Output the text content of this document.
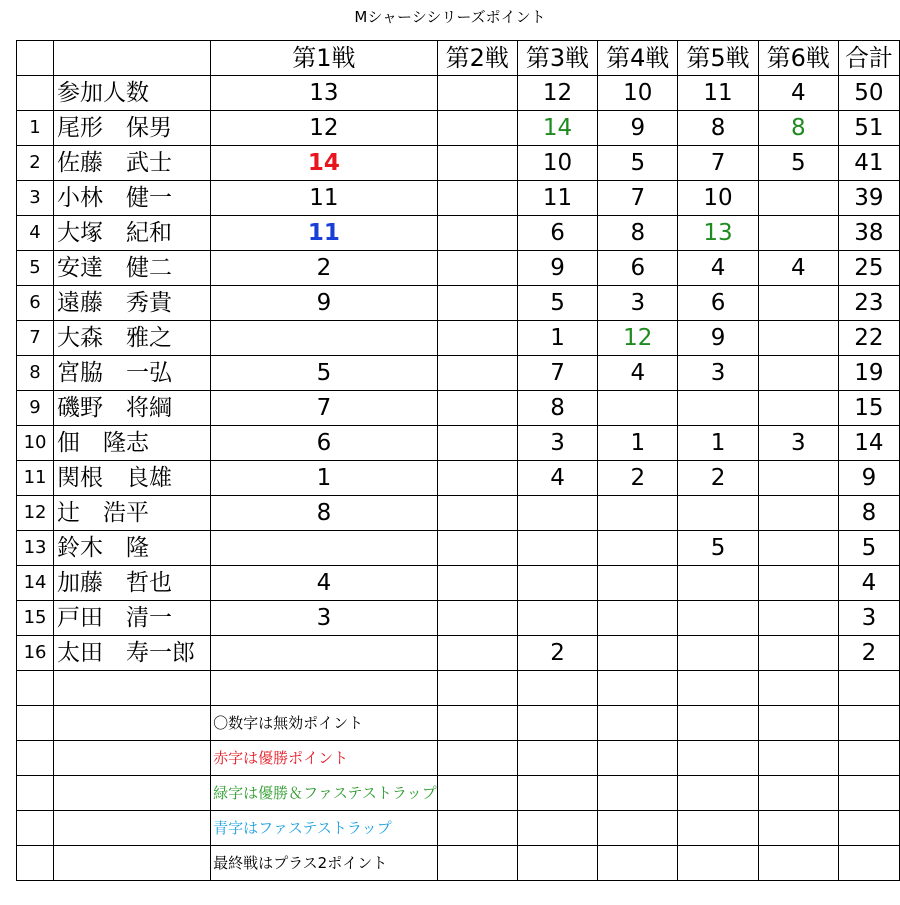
Mシャーシシリーズポイント
		第1戦	第2戦	第3戦	第4戦	第5戦	第6戦	合計
	参加人数	13		12	10	11	4	50
1	尾形　保男	12		14	9	8	8	51
2	佐藤　武士	14		10	5	7	5	41
3	小林　健一	11		11	7	10		39
4	大塚　紀和	11		6	8	13		38
5	安達　健二	2		9	6	4	4	25
6	遠藤　秀貴	9		5	3	6		23
7	大森　雅之			1	12	9		22
8	宮脇　一弘	5		7	4	3		19
9	磯野　将綱	7		8				15
10	佃　隆志	6		3	1	1	3	14
11	関根　良雄	1		4	2	2		9
12	辻　浩平	8						8
13	鈴木　隆					5		5
14	加藤　哲也	4						4
15	戸田　清一	3						3
16	太田　寿一郎			2				2

		〇数字は無効ポイント						
		赤字は優勝ポイント						
		緑字は優勝＆ファステストラップ						
		青字はファステストラップ						
		最終戦はプラス2ポイント						
